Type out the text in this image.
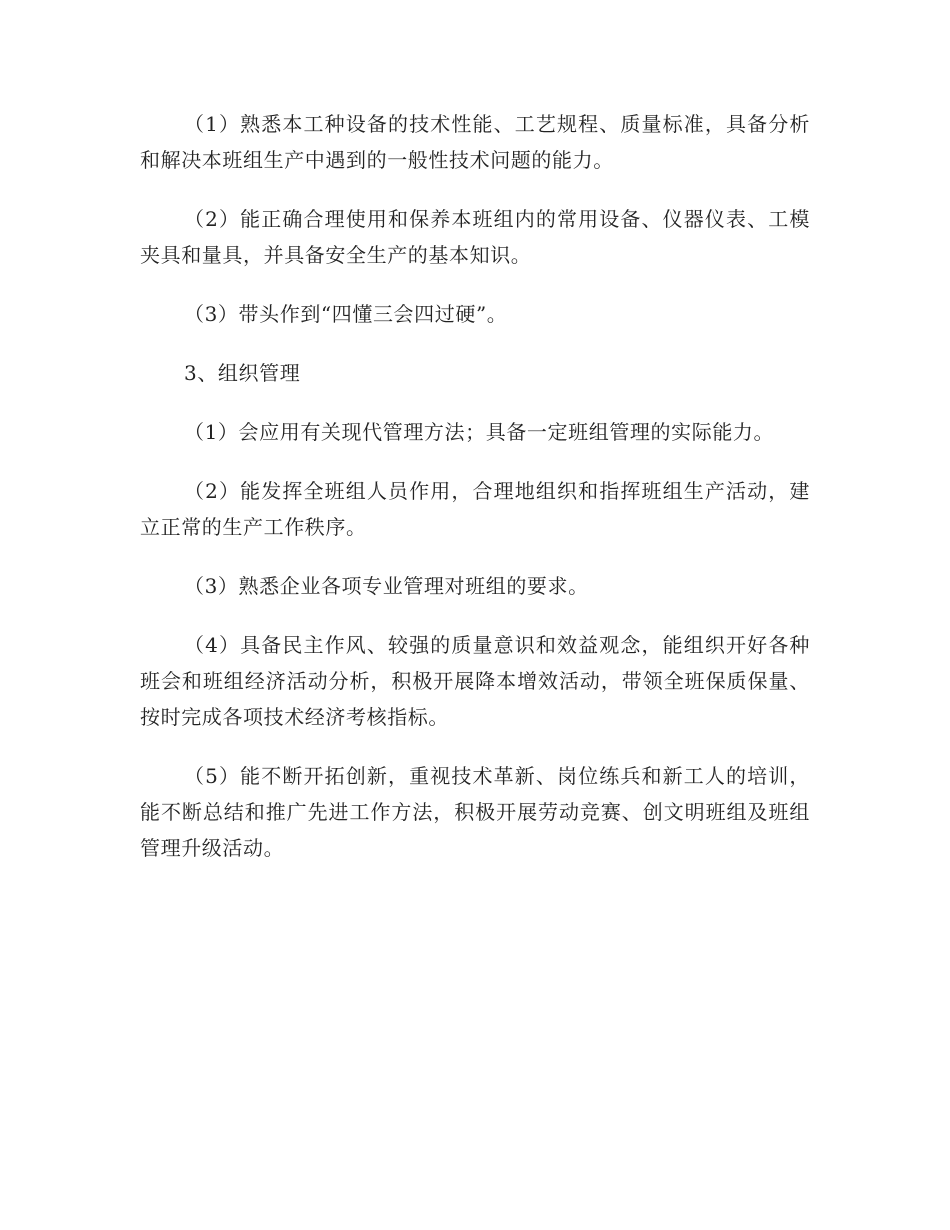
（1）熟悉本工种设备的技术性能、工艺规程、质量标准，具备分析和解决本班组生产中遇到的一般性技术问题的能力。

（2）能正确合理使用和保养本班组内的常用设备、仪器仪表、工模夹具和量具，并具备安全生产的基本知识。

（3）带头作到“四懂三会四过硬”。

3、组织管理

（1）会应用有关现代管理方法；具备一定班组管理的实际能力。

（2）能发挥全班组人员作用，合理地组织和指挥班组生产活动，建立正常的生产工作秩序。

（3）熟悉企业各项专业管理对班组的要求。

（4）具备民主作风、较强的质量意识和效益观念，能组织开好各种班会和班组经济活动分析，积极开展降本增效活动，带领全班保质保量、按时完成各项技术经济考核指标。

（5）能不断开拓创新，重视技术革新、岗位练兵和新工人的培训，能不断总结和推广先进工作方法，积极开展劳动竞赛、创文明班组及班组管理升级活动。
